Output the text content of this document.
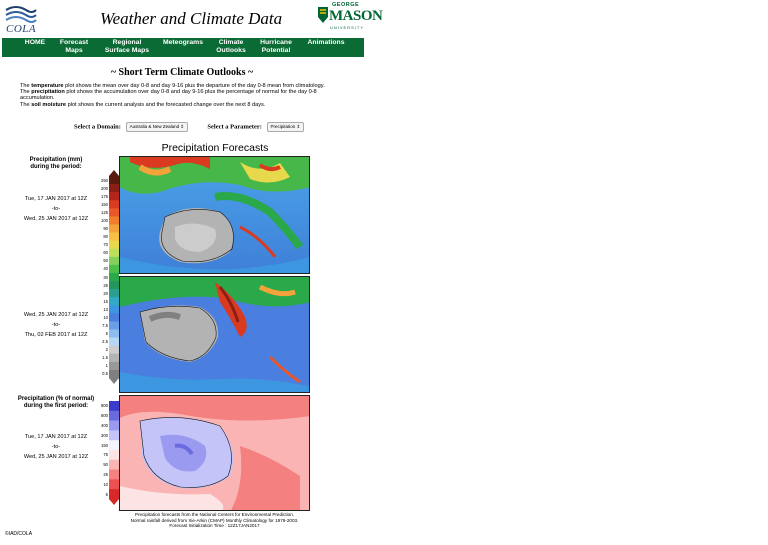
COLA
Weather and Climate Data
GEORGE
MASON
UNIVERSITY
HOME	Forecast
Maps
Regional
Surface Maps
Meteograms	Climate
Outlooks
Hurricane
Potential
Animations
~ Short Term Climate Outlooks ~
The temperature plot shows the mean over day 0-8 and day 9-16 plus the departure of the day 0-8 mean from climatology.
The precipitation plot shows the accumulation over day 0-8 and day 9-16 plus the percentage of normal for the day 0-8 accumulation.
The soil moisture plot shows the current analysis and the forecasted change over the next 8 days.
Select a Domain: Australia & New Zealand ⇕	Select a Parameter: Precipitation ⇕
Precipitation Forecasts
Precipitation (mm)
during the period:
Tue, 17 JAN 2017 at 12Z
-to-
Wed, 25 JAN 2017 at 12Z
Wed, 25 JAN 2017 at 12Z
-to-
Thu, 02 FEB 2017 at 12Z
Precipitation (% of normal)
during the first period:
Tue, 17 JAN 2017 at 12Z
-to-
Wed, 25 JAN 2017 at 12Z
250
200
175
150
125
100
90
80
70
60
50
40
30
25
20
15
13
10
7.5
5
2.5
2
1.5
1
0.5
800
600
400
300
150
75
50
25
10
5
Precipitation forecasts from the National Centers for Environmental Prediction.
Normal rainfall derived from Xie-Arkin (CMAP) Monthly Climatology for 1979-2003.
Forecast Initialization Time : 12Z17JAN2017
©IAD/COLA
